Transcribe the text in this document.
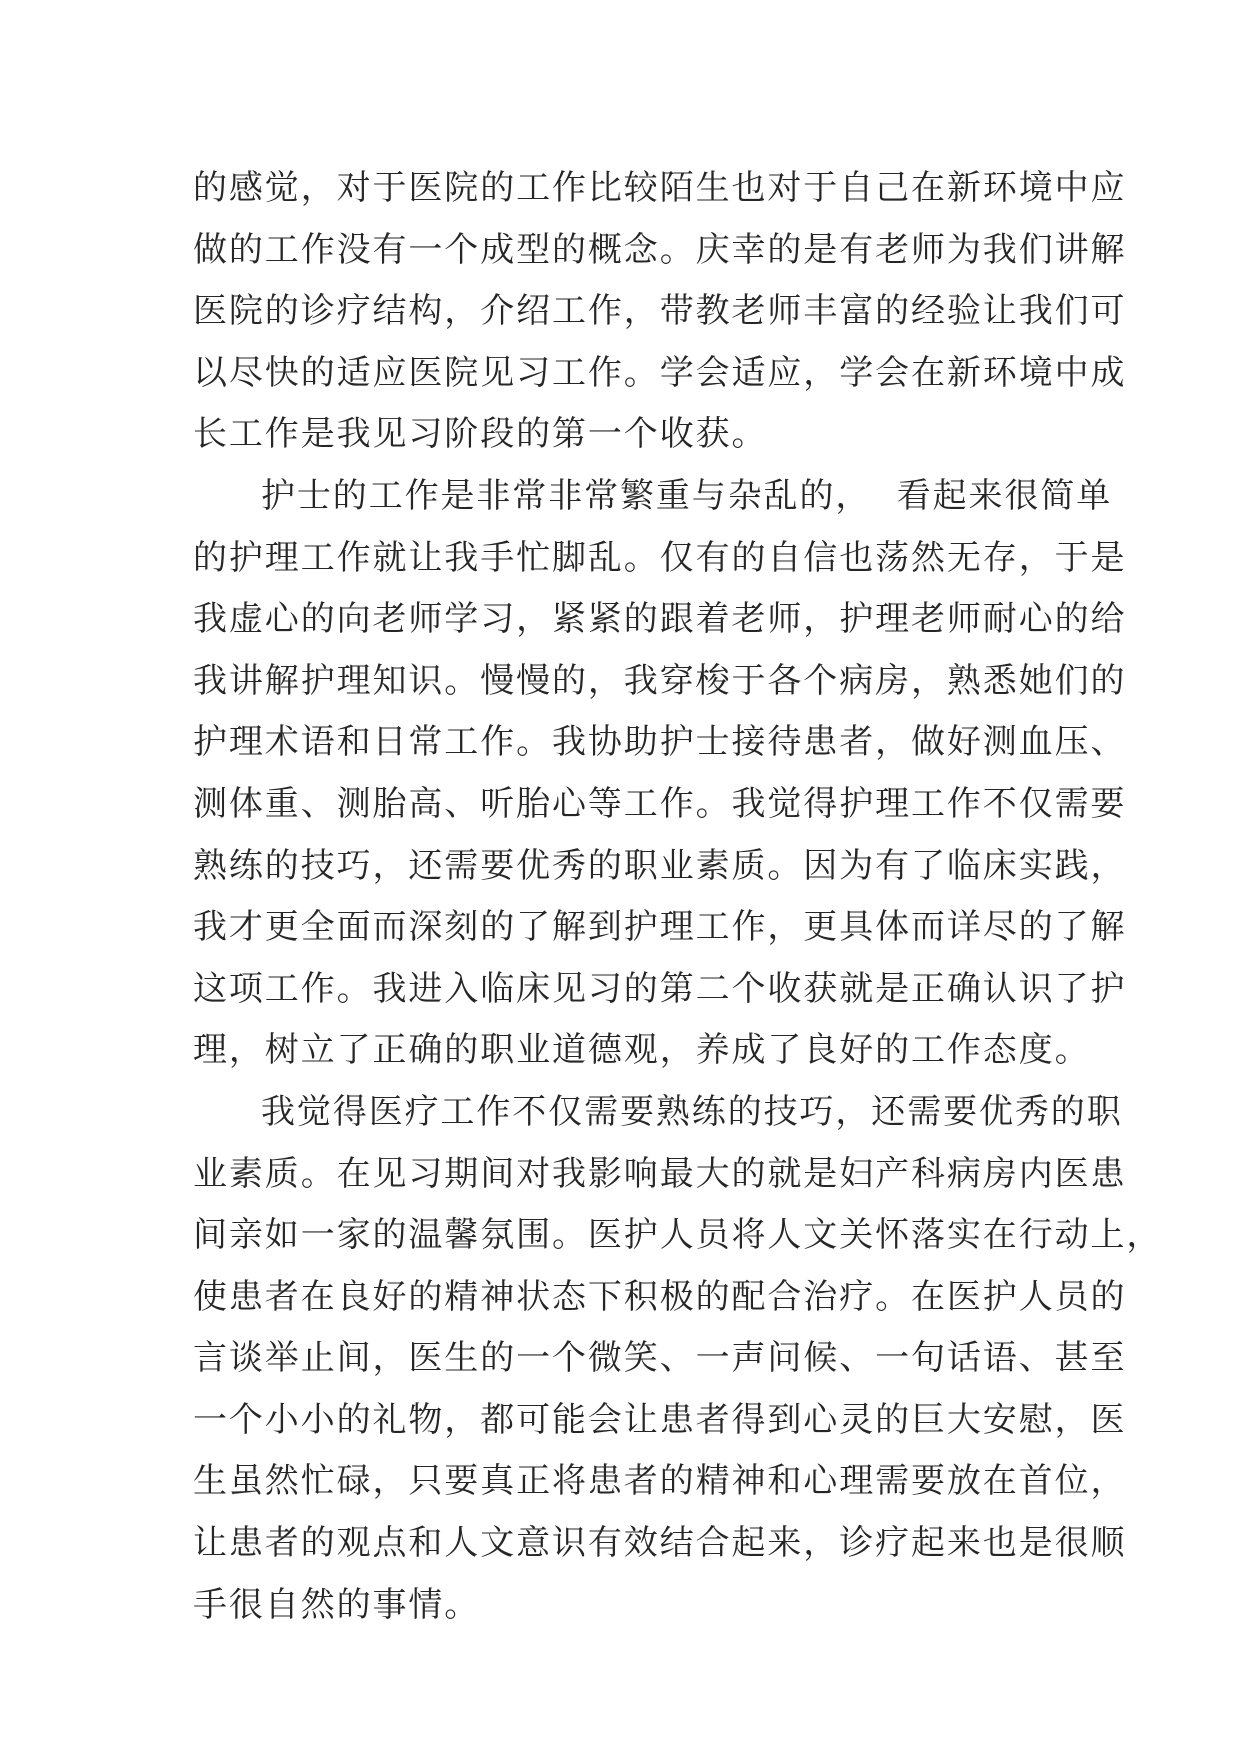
的感觉，对于医院的工作比较陌生也对于自己在新环境中应
做的工作没有一个成型的概念。庆幸的是有老师为我们讲解
医院的诊疗结构，介绍工作，带教老师丰富的经验让我们可
以尽快的适应医院见习工作。学会适应，学会在新环境中成
长工作是我见习阶段的第一个收获。
护士的工作是非常非常繁重与杂乱的，  看起来很简单
的护理工作就让我手忙脚乱。仅有的自信也荡然无存，于是
我虚心的向老师学习，紧紧的跟着老师，护理老师耐心的给
我讲解护理知识。慢慢的，我穿梭于各个病房，熟悉她们的
护理术语和日常工作。我协助护士接待患者，做好测血压、
测体重、测胎高、听胎心等工作。我觉得护理工作不仅需要
熟练的技巧，还需要优秀的职业素质。因为有了临床实践，
我才更全面而深刻的了解到护理工作，更具体而详尽的了解
这项工作。我进入临床见习的第二个收获就是正确认识了护
理，树立了正确的职业道德观，养成了良好的工作态度。
我觉得医疗工作不仅需要熟练的技巧，还需要优秀的职
业素质。在见习期间对我影响最大的就是妇产科病房内医患
间亲如一家的温馨氛围。医护人员将人文关怀落实在行动上，
使患者在良好的精神状态下积极的配合治疗。在医护人员的
言谈举止间，医生的一个微笑、一声问候、一句话语、甚至
一个小小的礼物，都可能会让患者得到心灵的巨大安慰，医
生虽然忙碌，只要真正将患者的精神和心理需要放在首位，
让患者的观点和人文意识有效结合起来，诊疗起来也是很顺
手很自然的事情。
